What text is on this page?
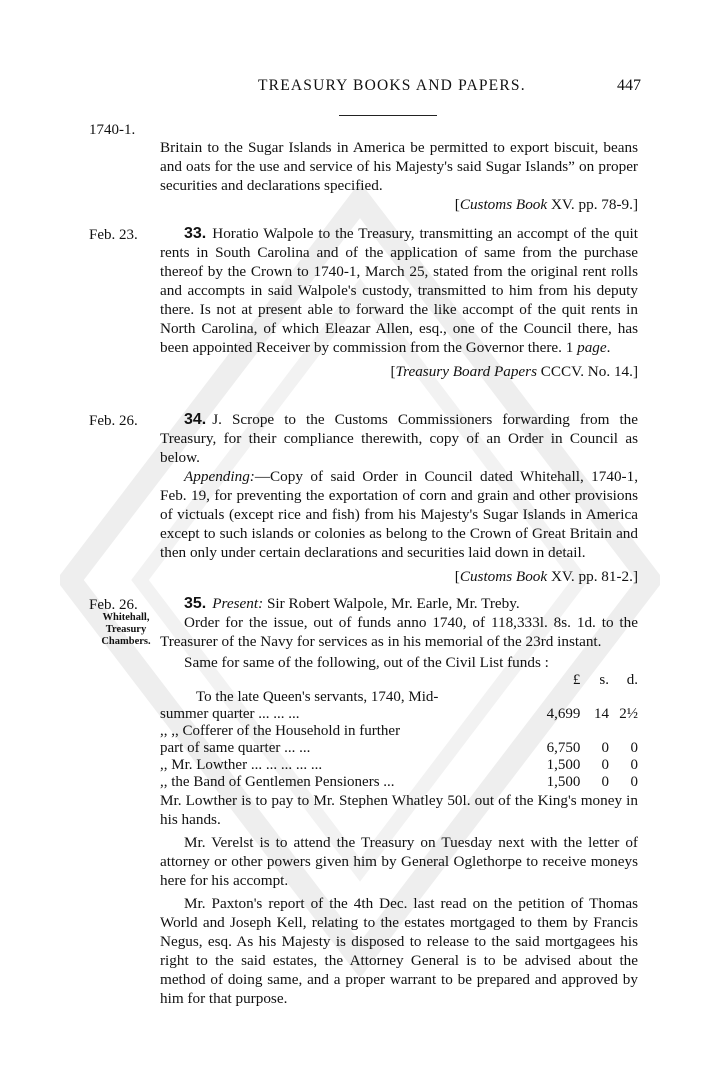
TREASURY BOOKS AND PAPERS.	447
1740-1.

Britain to the Sugar Islands in America be permitted to export biscuit, beans and oats for the use and service of his Majesty's said Sugar Islands” on proper securities and declarations specified.

[Customs Book XV. pp. 78-9.]

Feb. 23.	33. Horatio Walpole to the Treasury, transmitting an accompt of the quit rents in South Carolina and of the application of same from the purchase thereof by the Crown to 1740-1, March 25, stated from the original rent rolls and accompts in said Walpole's custody, transmitted to him from his deputy there. Is not at present able to forward the like accompt of the quit rents in North Carolina, of which Eleazar Allen, esq., one of the Council there, has been appointed Receiver by commission from the Governor there. 1 page.

[Treasury Board Papers CCCV. No. 14.]

Feb. 26.	34. J. Scrope to the Customs Commissioners forwarding from the Treasury, for their compliance therewith, copy of an Order in Council as below.

Appending:—Copy of said Order in Council dated Whitehall, 1740-1, Feb. 19, for preventing the exportation of corn and grain and other provisions of victuals (except rice and fish) from his Majesty's Sugar Islands in America except to such islands or colonies as belong to the Crown of Great Britain and then only under certain declarations and securities laid down in detail.

[Customs Book XV. pp. 81-2.]

Feb. 26.
Whitehall,
Treasury
Chambers.

35. Present: Sir Robert Walpole, Mr. Earle, Mr. Treby.

Order for the issue, out of funds anno 1740, of 118,333l. 8s. 1d. to the Treasurer of the Navy for services as in his memorial of the 23rd instant.

Same for same of the following, out of the Civil List funds :

	£	s.	d.
To the late Queen's servants, 1740, Mid-			
summer quarter ... ... ...	4,699	14	2½
,, ,, Cofferer of the Household in further			
part of same quarter ... ...	6,750	0	0
,, Mr. Lowther ... ... ... ... ...	1,500	0	0
,, the Band of Gentlemen Pensioners ...	1,500	0	0

Mr. Lowther is to pay to Mr. Stephen Whatley 50l. out of the King's money in his hands.

Mr. Verelst is to attend the Treasury on Tuesday next with the letter of attorney or other powers given him by General Oglethorpe to receive moneys here for his accompt.

Mr. Paxton's report of the 4th Dec. last read on the petition of Thomas World and Joseph Kell, relating to the estates mortgaged to them by Francis Negus, esq. As his Majesty is disposed to release to the said mortgagees his right to the said estates, the Attorney General is to be advised about the method of doing same, and a proper warrant to be prepared and approved by him for that purpose.
